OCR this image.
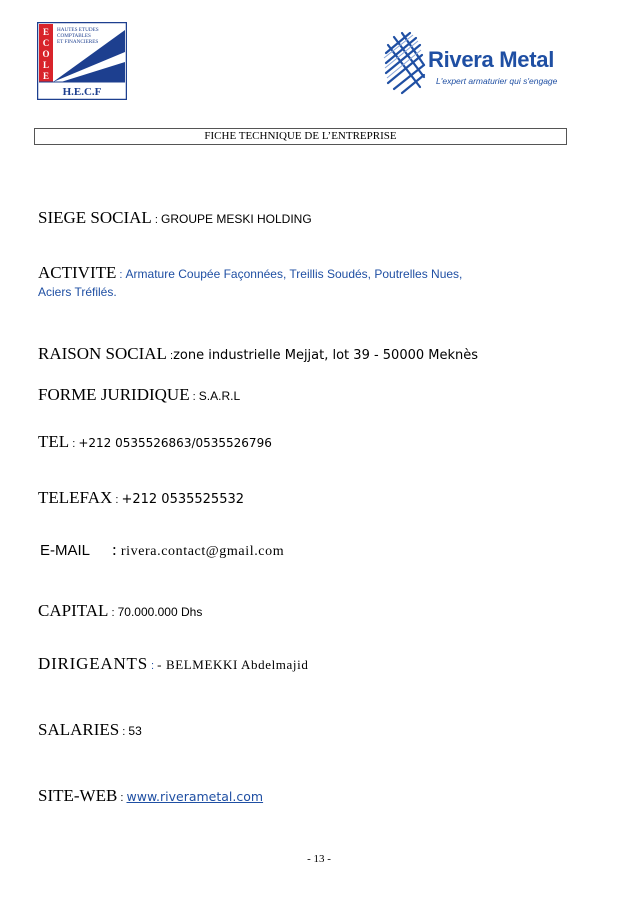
E
C
O
L
E
HAUTES ETUDES
COMPTABLES
ET FINANCIERES
H.E.C.F
Rivera Metal
L'expert armaturier qui s'engage
FICHE TECHNIQUE DE L’ENTREPRISE
SIEGE SOCIAL : GROUPE MESKI HOLDING
ACTIVITE : Armature Coupée Façonnées, Treillis Soudés, Poutrelles Nues,
Aciers Tréfilés.
RAISON SOCIAL :zone industrielle Mejjat, lot 39 - 50000 Meknès
FORME JURIDIQUE : S.A.R.L
TEL : +212 0535526863/0535526796
TELEFAX : +212 0535525532
E-MAIL : rivera.contact@gmail.com
CAPITAL : 70.000.000 Dhs
DIRIGEANTS : - BELMEKKI Abdelmajid
SALARIES : 53
SITE-WEB : www.riverametal.com
- 13 -
